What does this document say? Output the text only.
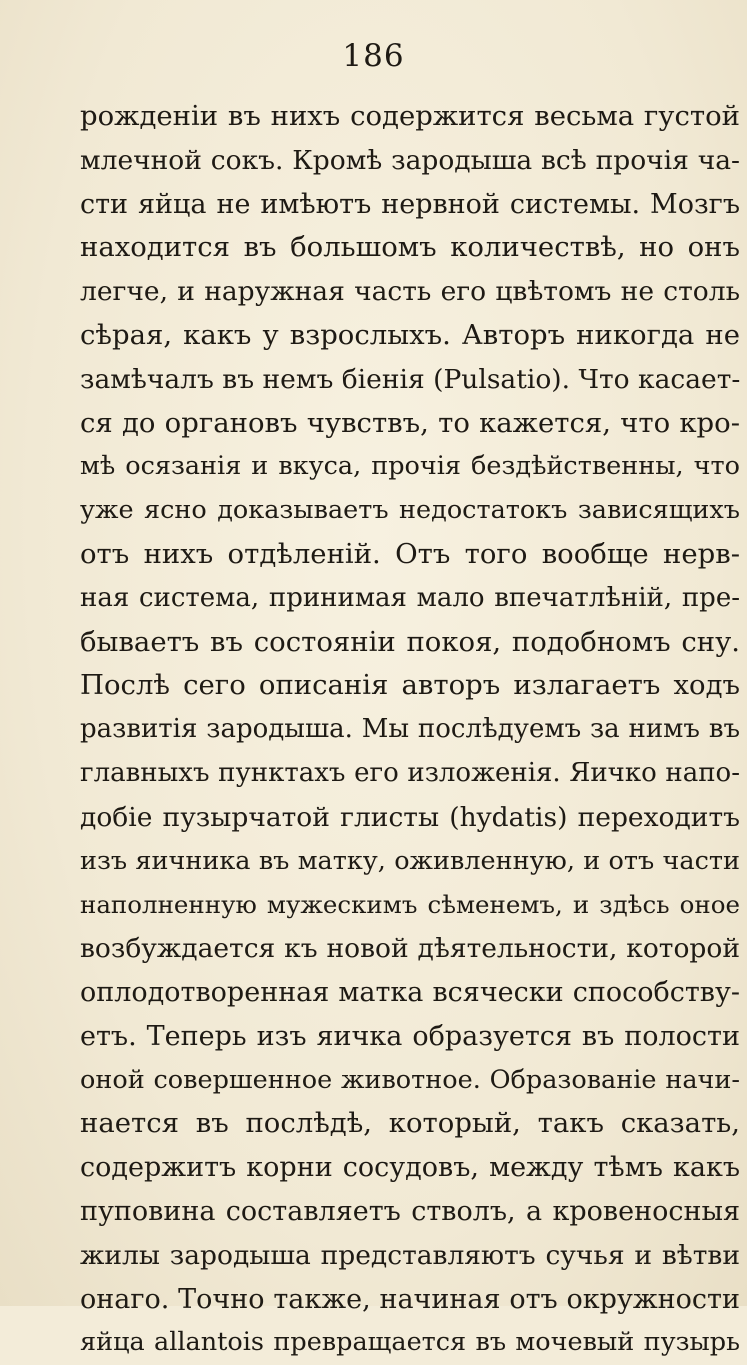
186
рожденіи въ нихъ содержится весьма густой
млечной сокъ. Кромѣ зародыша всѣ прочія ча-
сти яйца не имѣютъ нервной системы. Мозгъ
находится въ большомъ количествѣ, но онъ
легче, и наружная часть его цвѣтомъ не столь
сѣрая, какъ у взрослыхъ. Авторъ никогда не
замѣчалъ въ немъ біенія (Pulsatio). Что касает-
ся до органовъ чувствъ, то кажется, что кро-
мѣ осязанія и вкуса, прочія бездѣйственны, что
уже ясно доказываетъ недостатокъ зависящихъ
отъ нихъ отдѣленій. Отъ того вообще нерв-
ная система, принимая мало впечатлѣній, пре-
бываетъ въ состояніи покоя, подобномъ сну.
Послѣ сего описанія авторъ излагаетъ ходъ
развитія зародыша. Мы послѣдуемъ за нимъ въ
главныхъ пунктахъ его изложенія. Яичко напо-
добіе пузырчатой глисты (hydatis) переходитъ
изъ яичника въ матку, оживленную, и отъ части
наполненную мужескимъ сѣменемъ, и здѣсь оное
возбуждается къ новой дѣятельности, которой
оплодотворенная матка всячески способству-
етъ. Теперь изъ яичка образуется въ полости
оной совершенное животное. Образованіе начи-
нается въ послѣдѣ, который, такъ сказать,
содержитъ корни сосудовъ, между тѣмъ какъ
пуповина составляетъ стволъ, а кровеносныя
жилы зародыша представляютъ сучья и вѣтви
онаго. Точно также, начиная отъ окружности
яйца allantois превращается въ мочевый пузырь
